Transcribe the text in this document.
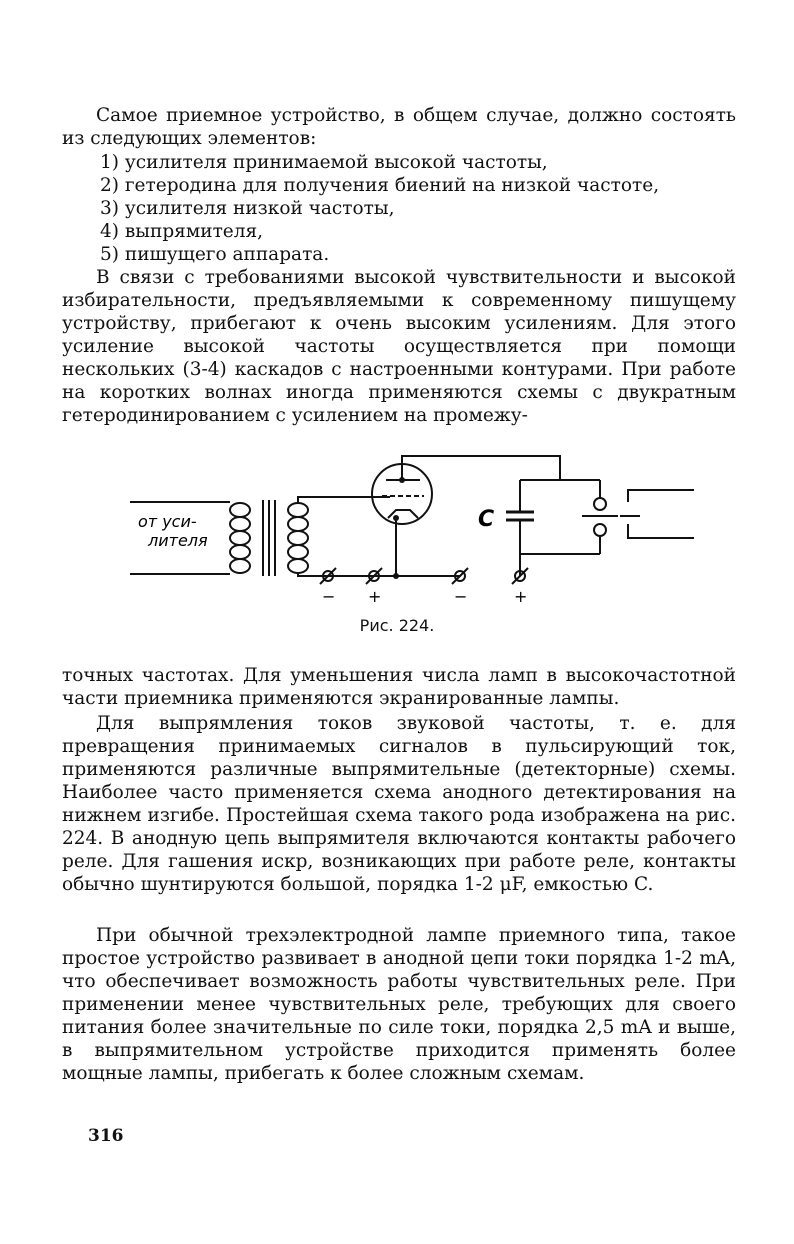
Самое приемное устройство, в общем случае, должно состоять из следующих элементов:

1) усилителя принимаемой высокой частоты,
2) гетеродина для получения биений на низкой частоте,
3) усилителя низкой частоты,
4) выпрямителя,
5) пишущего аппарата.

В связи с требованиями высокой чувствительности и высокой избирательности, предъявляемыми к современному пишущему устройству, прибегают к очень высоким усилениям. Для этого усиление высокой частоты осуществляется при помощи нескольких (3-4) каскадов с настроенными контурами. При работе на коротких волнах иногда применяются схемы с двукратным гетеродинированием с усилением на промежу-

от уси-
лителя
C
− +	−	+
Рис. 224.

точных частотах. Для уменьшения числа ламп в высокочастотной части приемника применяются экранированные лампы.

Для выпрямления токов звуковой частоты, т. е. для превращения принимаемых сигналов в пульсирующий ток, применяются различные выпрямительные (детекторные) схемы. Наиболее часто применяется схема анодного детектирования на нижнем изгибе. Простейшая схема такого рода изображена на рис. 224. В анодную цепь выпрямителя включаются контакты рабочего реле. Для гашения искр, возникающих при работе реле, контакты обычно шунтируются большой, порядка 1-2 μF, емкостью C.

При обычной трехэлектродной лампе приемного типа, такое простое устройство развивает в анодной цепи токи порядка 1-2 mA, что обеспечивает возможность работы чувствительных реле. При применении менее чувствительных реле, требующих для своего питания более значительные по силе токи, порядка 2,5 mA и выше, в выпрямительном устройстве приходится применять более мощные лампы, прибегать к более сложным схемам.

316
